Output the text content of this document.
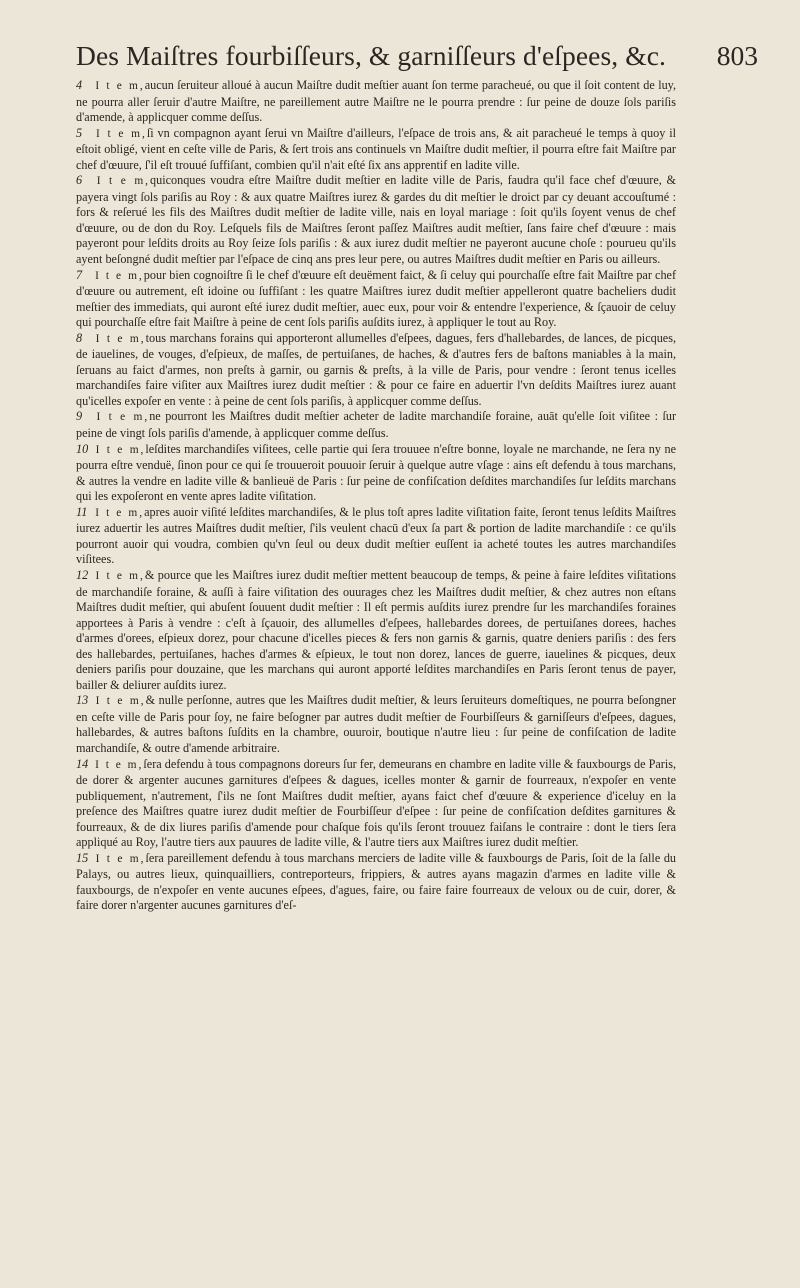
Des Maiſtres fourbiſſeurs, & garniſſeurs d'eſpees, &c. 803

4 I t e m,aucun ſeruiteur alloué à aucun Maiſtre dudit meſtier auant ſon terme paracheué, ou que il ſoit content de luy, ne pourra aller ſeruir d'autre Maiſtre, ne pareillement autre Maiſtre ne le pourra prendre : ſur peine de douze ſols pariſis d'amende, à applicquer comme deſſus.

5 I t e m,ſi vn compagnon ayant ſerui vn Maiſtre d'ailleurs, l'eſpace de trois ans, & ait paracheué le temps à quoy il eſtoit obligé, vient en ceſte ville de Paris, & ſert trois ans continuels vn Maiſtre dudit meſtier, il pourra eſtre fait Maiſtre par chef d'œuure, ſ'il eſt trouué ſuffiſant, combien qu'il n'ait eſté ſix ans apprentif en ladite ville.

6 I t e m,quiconques voudra eſtre Maiſtre dudit meſtier en ladite ville de Paris, faudra qu'il face chef d'œuure, & payera vingt ſols pariſis au Roy : & aux quatre Maiſtres iurez & gardes du dit meſtier le droict par cy deuant accouſtumé : fors & reſerué les fils des Maiſtres dudit meſtier de ladite ville, nais en loyal mariage : ſoit qu'ils ſoyent venus de chef d'œuure, ou de don du Roy. Leſquels fils de Maiſtres ſeront paſſez Maiſtres audit meſtier, ſans faire chef d'œuure : mais payeront pour leſdits droits au Roy ſeize ſols pariſis : & aux iurez dudit meſtier ne payeront aucune choſe : pourueu qu'ils ayent beſongné dudit meſtier par l'eſpace de cinq ans pres leur pere, ou autres Maiſtres dudit meſtier en Paris ou ailleurs.

7 I t e m,pour bien cognoiſtre ſi le chef d'œuure eſt deuëment faict, & ſi celuy qui pourchaſſe eſtre fait Maiſtre par chef d'œuure ou autrement, eſt idoine ou ſuffiſant : les quatre Maiſtres iurez dudit meſtier appelleront quatre bacheliers dudit meſtier des immediats, qui auront eſté iurez dudit meſtier, auec eux, pour voir & entendre l'experience, & ſçauoir de celuy qui pourchaſſe eſtre fait Maiſtre à peine de cent ſols pariſis auſdits iurez, à appliquer le tout au Roy.

8 I t e m,tous marchans forains qui apporteront allumelles d'eſpees, dagues, fers d'hallebardes, de lances, de picques, de iauelines, de vouges, d'eſpieux, de maſſes, de pertuiſanes, de haches, & d'autres fers de baſtons maniables à la main, ſeruans au faict d'armes, non preſts à garnir, ou garnis & preſts, à la ville de Paris, pour vendre : ſeront tenus icelles marchandiſes faire viſiter aux Maiſtres iurez dudit meſtier : & pour ce faire en aduertir l'vn deſdits Maiſtres iurez auant qu'icelles expoſer en vente : à peine de cent ſols pariſis, à applicquer comme deſſus.

9 I t e m,ne pourront les Maiſtres dudit meſtier acheter de ladite marchandiſe foraine, auāt qu'elle ſoit viſitee : ſur peine de vingt ſols pariſis d'amende, à applicquer comme deſſus.

10 I t e m,leſdites marchandiſes viſitees, celle partie qui ſera trouuee n'eſtre bonne, loyale ne marchande, ne ſera ny ne pourra eſtre venduë, ſinon pour ce qui ſe trouueroit pouuoir ſeruir à quelque autre vſage : ains eſt defendu à tous marchans, & autres la vendre en ladite ville & banlieuë de Paris : ſur peine de confiſcation deſdites marchandiſes ſur leſdits marchans qui les expoſeront en vente apres ladite viſitation.

11 I t e m,apres auoir viſité leſdites marchandiſes, & le plus toſt apres ladite viſitation faite, ſeront tenus leſdits Maiſtres iurez aduertir les autres Maiſtres dudit meſtier, ſ'ils veulent chacū d'eux ſa part & portion de ladite marchandiſe : ce qu'ils pourront auoir qui voudra, combien qu'vn ſeul ou deux dudit meſtier euſſent ia acheté toutes les autres marchandiſes viſitees.

12 I t e m,& pource que les Maiſtres iurez dudit meſtier mettent beaucoup de temps, & peine à faire leſdites viſitations de marchandiſe foraine, & auſſi à faire viſitation des ouurages chez les Maiſtres dudit meſtier, & chez autres non eſtans Maiſtres dudit meſtier, qui abuſent ſouuent dudit meſtier : Il eſt permis auſdits iurez prendre ſur les marchandiſes foraines apportees à Paris à vendre : c'eſt à ſçauoir, des allumelles d'eſpees, hallebardes dorees, de pertuiſanes dorees, haches d'armes d'orees, eſpieux dorez, pour chacune d'icelles pieces & fers non garnis & garnis, quatre deniers pariſis : des fers des hallebardes, pertuiſanes, haches d'armes & eſpieux, le tout non dorez, lances de guerre, iauelines & picques, deux deniers pariſis pour douzaine, que les marchans qui auront apporté leſdites marchandiſes en Paris ſeront tenus de payer, bailler & deliurer auſdits iurez.

13 I t e m,& nulle perſonne, autres que les Maiſtres dudit meſtier, & leurs ſeruiteurs domeſtiques, ne pourra beſongner en ceſte ville de Paris pour ſoy, ne faire beſogner par autres dudit meſtier de Fourbiſſeurs & garniſſeurs d'eſpees, dagues, hallebardes, & autres baſtons ſuſdits en la chambre, ouuroir, boutique n'autre lieu : ſur peine de confiſcation de ladite marchandiſe, & outre d'amende arbitraire.

14 I t e m,ſera defendu à tous compagnons doreurs ſur fer, demeurans en chambre en ladite ville & fauxbourgs de Paris, de dorer & argenter aucunes garnitures d'eſpees & dagues, icelles monter & garnir de fourreaux, n'expoſer en vente publiquement, n'autrement, ſ'ils ne ſont Maiſtres dudit meſtier, ayans faict chef d'œuure & experience d'iceluy en la preſence des Maiſtres quatre iurez dudit meſtier de Fourbiſſeur d'eſpee : ſur peine de confiſcation deſdites garnitures & fourreaux, & de dix liures pariſis d'amende pour chaſque fois qu'ils ſeront trouuez faiſans le contraire : dont le tiers ſera appliqué au Roy, l'autre tiers aux pauures de ladite ville, & l'autre tiers aux Maiſtres iurez dudit meſtier.

15 I t e m,ſera pareillement defendu à tous marchans merciers de ladite ville & fauxbourgs de Paris, ſoit de la ſalle du Palays, ou autres lieux, quinquailliers, contreporteurs, frippiers, & autres ayans magazin d'armes en ladite ville & fauxbourgs, de n'expoſer en vente aucunes eſpees, d'agues, faire, ou faire faire fourreaux de veloux ou de cuir, dorer, & faire dorer n'argenter aucunes garnitures d'eſ-
